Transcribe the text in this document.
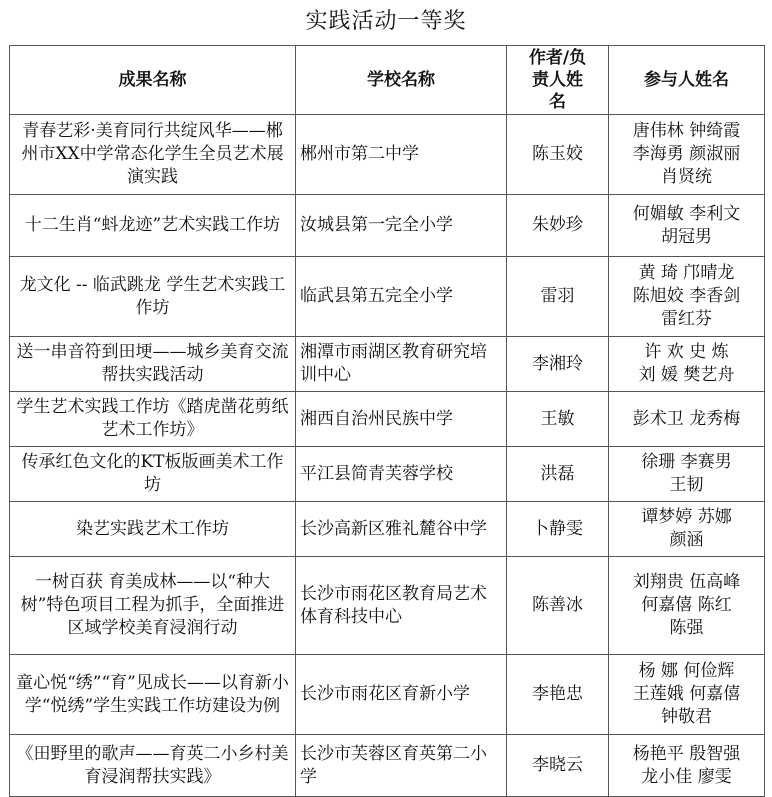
实践活动一等奖
成果名称	学校名称	作者/负责人姓名	参与人姓名
青春艺彩·美育同行共绽风华——郴州市XX中学常态化学生全员艺术展演实践	郴州市第二中学	陈玉姣	唐伟林 钟绮霞
李海勇 颜淑丽
肖贤统
十二生肖“蚪龙迹”艺术实践工作坊	汝城县第一完全小学	朱妙珍	何媚敏 李利文
胡冠男
龙文化 -- 临武跳龙 学生艺术实践工作坊	临武县第五完全小学	雷羽	黄 琦 邝晴龙
陈旭姣 李香剑
雷红芬
送一串音符到田埂——城乡美育交流帮扶实践活动	湘潭市雨湖区教育研究培训中心	李湘玲	许 欢 史 炼
刘 媛 樊艺舟
学生艺术实践工作坊《踏虎凿花剪纸艺术工作坊》	湘西自治州民族中学	王敏	彭术卫 龙秀梅
传承红色文化的KT板版画美术工作坊	平江县简青芙蓉学校	洪磊	徐珊 李赛男
王韧
染艺实践艺术工作坊	长沙高新区雅礼麓谷中学	卜静雯	谭梦婷 苏娜
颜涵
一树百获 育美成林——以“种大树”特色项目工程为抓手，全面推进区域学校美育浸润行动	长沙市雨花区教育局艺术体育科技中心	陈善冰	刘翔贵 伍高峰
何嘉僖 陈红
陈强
童心悦“绣”“育”见成长——以育新小学“悦绣”学生实践工作坊建设为例	长沙市雨花区育新小学	李艳忠	杨 娜 何俭辉
王莲娥 何嘉僖
钟敬君
《田野里的歌声——育英二小乡村美育浸润帮扶实践》	长沙市芙蓉区育英第二小学	李晓云	杨艳平 殷智强
龙小佳 廖雯
